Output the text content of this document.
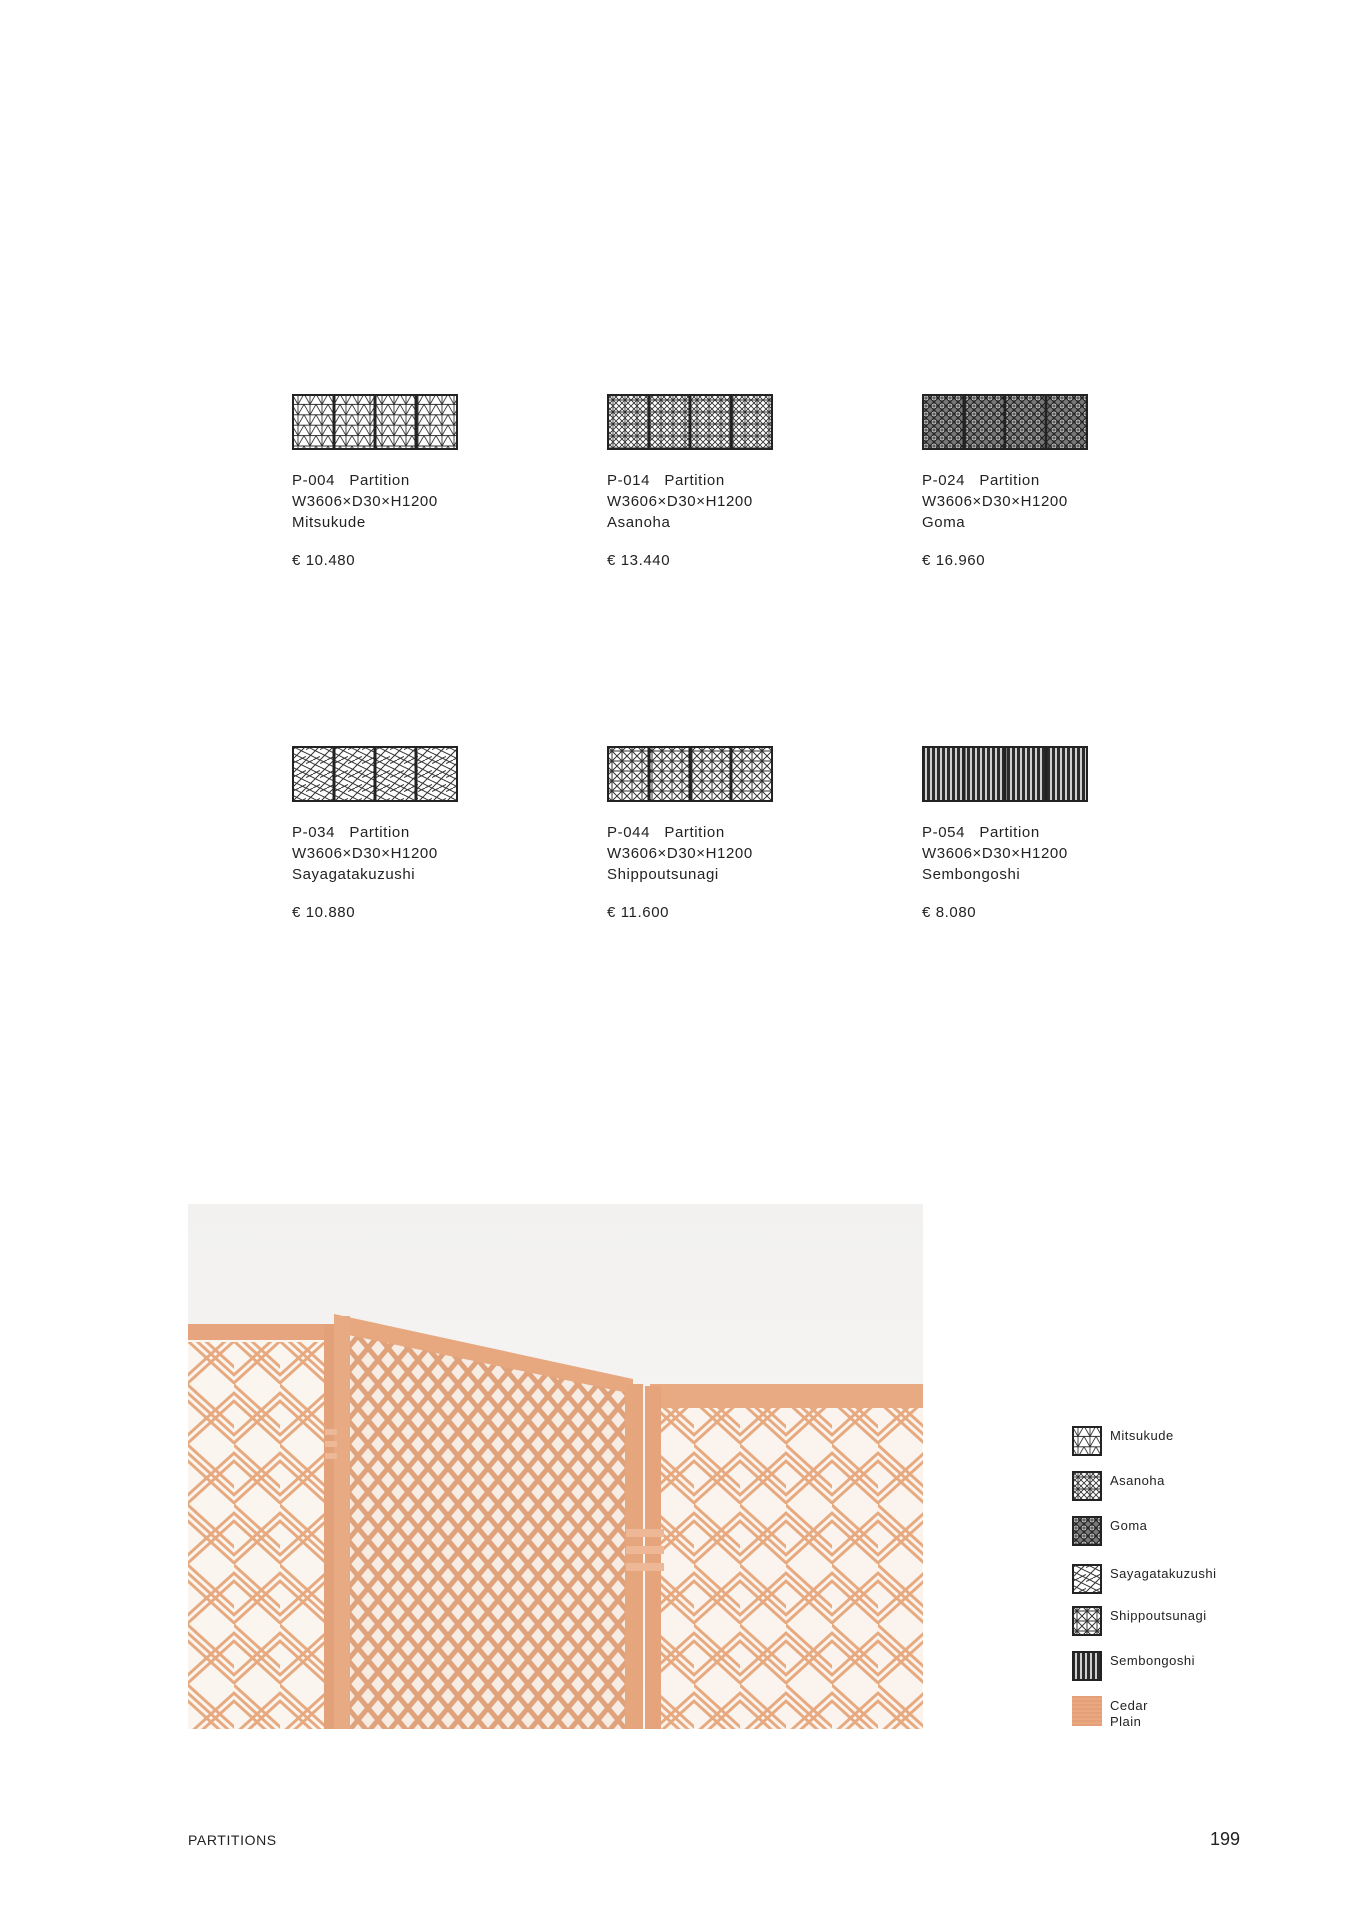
P-004 Partition
W3606×D30×H1200
Mitsukude
€ 10.480
P-014 Partition
W3606×D30×H1200
Asanoha
€ 13.440
P-024 Partition
W3606×D30×H1200
Goma
€ 16.960
P-034 Partition
W3606×D30×H1200
Sayagatakuzushi
€ 10.880
P-044 Partition
W3606×D30×H1200
Shippoutsunagi
€ 11.600
P-054 Partition
W3606×D30×H1200
Sembongoshi
€ 8.080
Mitsukude
Asanoha
Goma
Sayagatakuzushi
Shippoutsunagi
Sembongoshi
Cedar
Plain
PARTITIONS	199
